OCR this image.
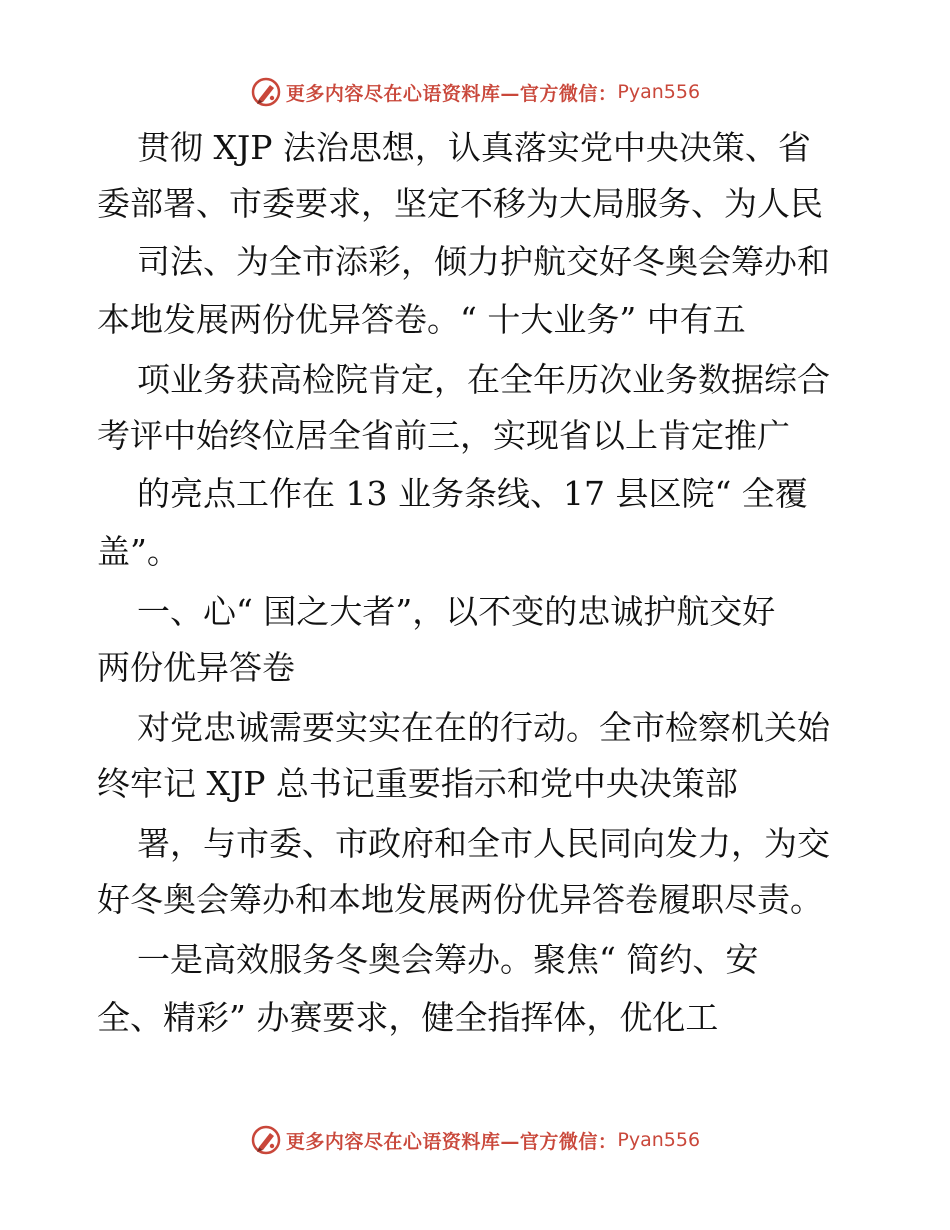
更多内容尽在心语资料库—官方微信： Pyan556
贯彻 XJP 法治思想，认真落实党中央决策、省
委部署、市委要求，坚定不移为大局服务、为人民
司法、为全市添彩，倾力护航交好冬奥会筹办和
本地发展两份优异答卷。“ 十大业务” 中有五
项业务获高检院肯定，在全年历次业务数据综合
考评中始终位居全省前三，实现省以上肯定推广
的亮点工作在 13 业务条线、17 县区院“ 全覆
盖”。
一、心“ 国之大者”，以不变的忠诚护航交好
两份优异答卷
对党忠诚需要实实在在的行动。全市检察机关始
终牢记 XJP 总书记重要指示和党中央决策部
署，与市委、市政府和全市人民同向发力，为交
好冬奥会筹办和本地发展两份优异答卷履职尽责。
一是高效服务冬奥会筹办。聚焦“ 简约、安
全、精彩” 办赛要求，健全指挥体，优化工
更多内容尽在心语资料库—官方微信： Pyan556
